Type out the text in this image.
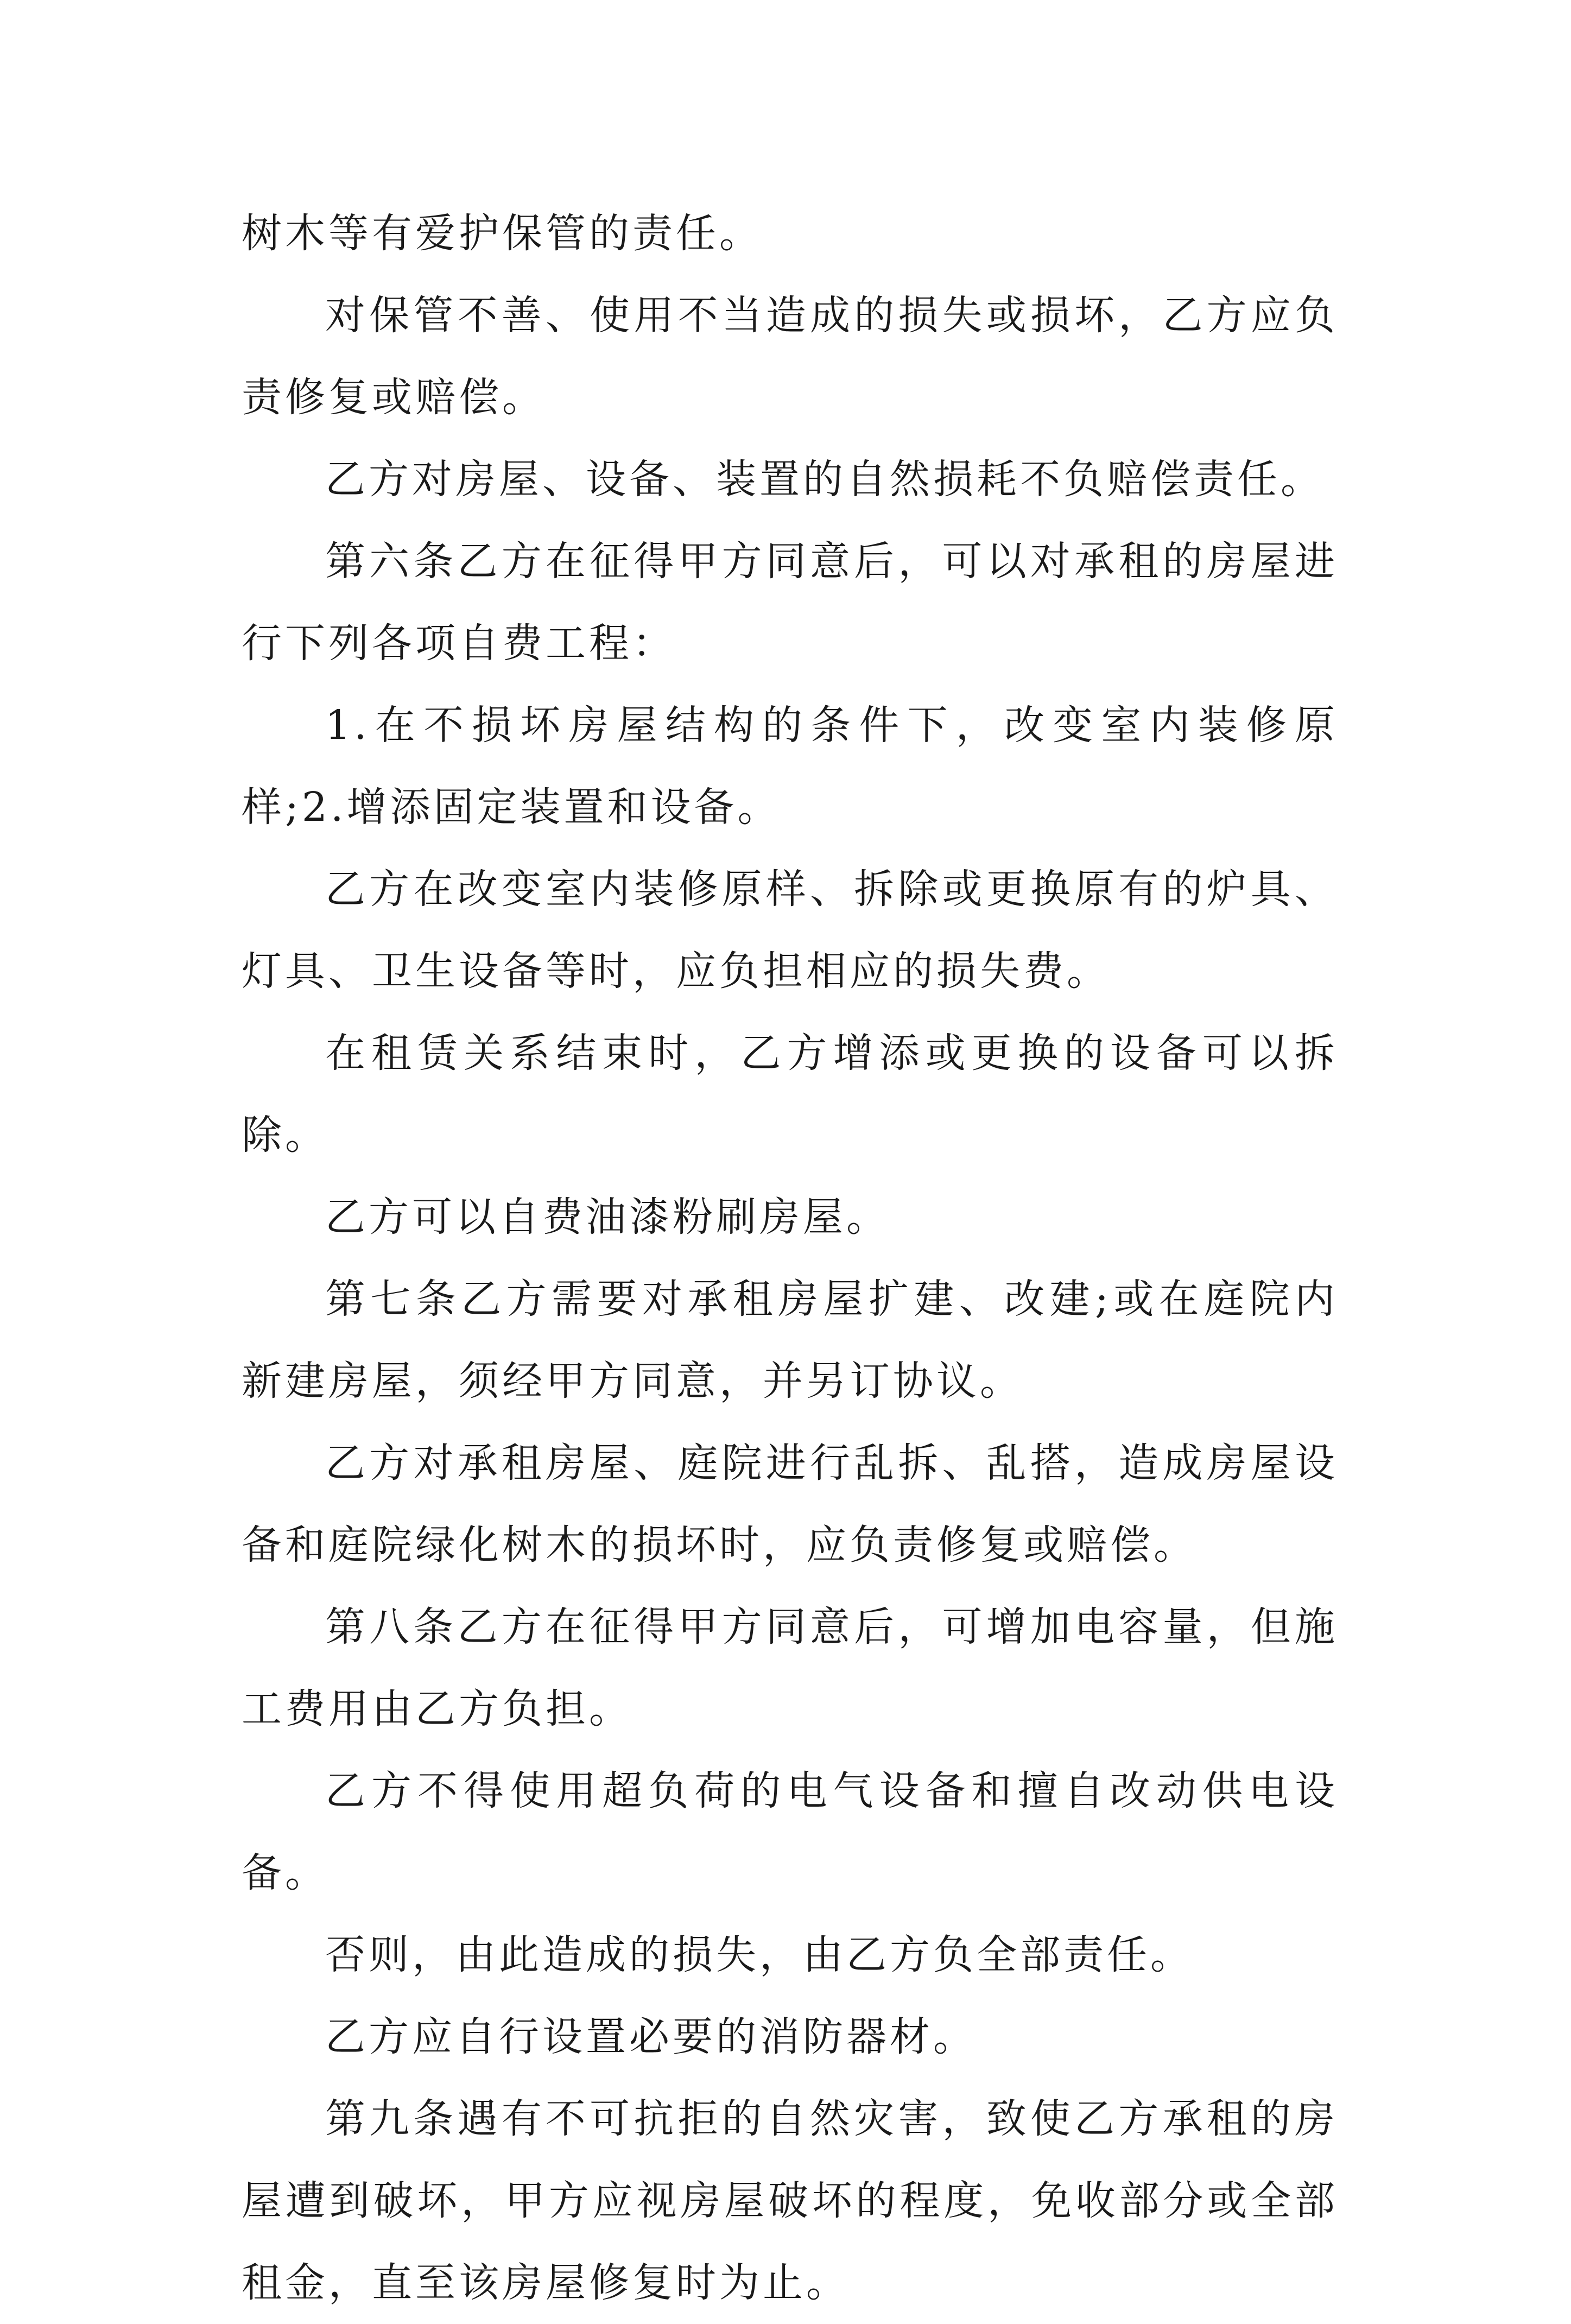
树木等有爱护保管的责任。

对保管不善、使用不当造成的损失或损坏，乙方应负责修复或赔偿。

乙方对房屋、设备、装置的自然损耗不负赔偿责任。

第六条乙方在征得甲方同意后，可以对承租的房屋进行下列各项自费工程：

1.在不损坏房屋结构的条件下，改变室内装修原样;2.增添固定装置和设备。

乙方在改变室内装修原样、拆除或更换原有的炉具、灯具、卫生设备等时，应负担相应的损失费。

在租赁关系结束时，乙方增添或更换的设备可以拆除。

乙方可以自费油漆粉刷房屋。

第七条乙方需要对承租房屋扩建、改建;或在庭院内新建房屋，须经甲方同意，并另订协议。

乙方对承租房屋、庭院进行乱拆、乱搭，造成房屋设备和庭院绿化树木的损坏时，应负责修复或赔偿。

第八条乙方在征得甲方同意后，可增加电容量，但施工费用由乙方负担。

乙方不得使用超负荷的电气设备和擅自改动供电设备。

否则，由此造成的损失，由乙方负全部责任。

乙方应自行设置必要的消防器材。

第九条遇有不可抗拒的自然灾害，致使乙方承租的房屋遭到破坏，甲方应视房屋破坏的程度，免收部分或全部租金，直至该房屋修复时为止。
